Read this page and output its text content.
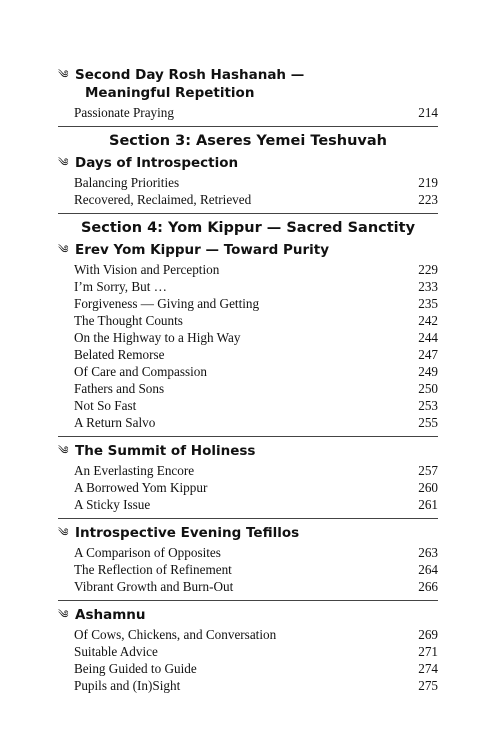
༄ Second Day Rosh Hashanah —
Meaningful Repetition
Passionate Praying	214
Section 3: Aseres Yemei Teshuvah
༄ Days of Introspection
Balancing Priorities	219
Recovered, Reclaimed, Retrieved	223
Section 4: Yom Kippur — Sacred Sanctity
༄ Erev Yom Kippur — Toward Purity
With Vision and Perception	229
I’m Sorry, But …	233
Forgiveness — Giving and Getting	235
The Thought Counts	242
On the Highway to a High Way	244
Belated Remorse	247
Of Care and Compassion	249
Fathers and Sons	250
Not So Fast	253
A Return Salvo	255
༄ The Summit of Holiness
An Everlasting Encore	257
A Borrowed Yom Kippur	260
A Sticky Issue	261
༄ Introspective Evening Tefillos
A Comparison of Opposites	263
The Reflection of Refinement	264
Vibrant Growth and Burn-Out	266
༄ Ashamnu
Of Cows, Chickens, and Conversation	269
Suitable Advice	271
Being Guided to Guide	274
Pupils and (In)Sight	275
